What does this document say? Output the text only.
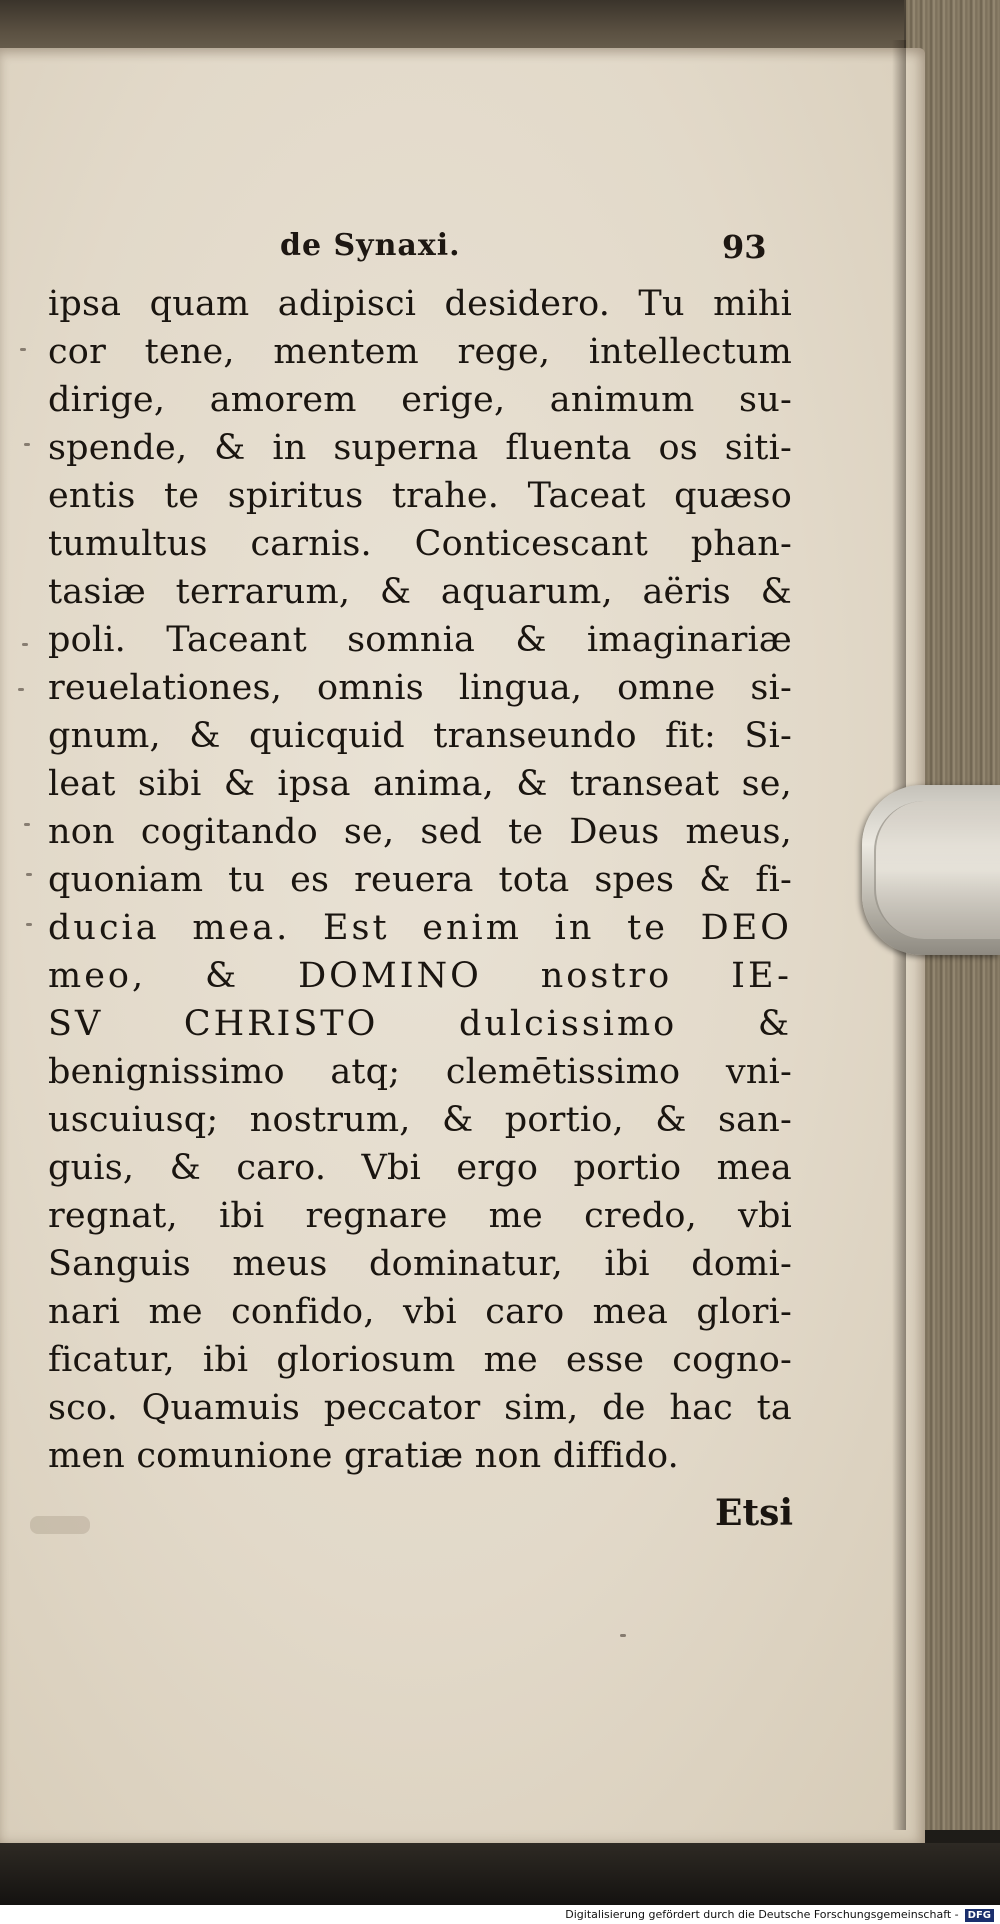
de Synaxi.	93
ipsa quam adipisci desidero. Tu mihi
cor tene, mentem rege, intellectum
dirige, amorem erige, animum su-
spende, & in superna fluenta os siti-
entis te spiritus trahe. Taceat quæso
tumultus carnis. Conticescant phan-
tasiæ terrarum, & aquarum, aëris &
poli. Taceant somnia & imaginariæ
reuelationes, omnis lingua, omne si-
gnum, & quicquid transeundo fit: Si-
leat sibi & ipsa anima, & transeat se,
non cogitando se, sed te Deus meus,
quoniam tu es reuera tota spes & fi-
ducia mea. Est enim in te DEO
meo, & DOMINO nostro IE-
SV CHRISTO dulcissimo &
benignissimo atq; clemētissimo vni-
uscuiusq; nostrum, & portio, & san-
guis, & caro. Vbi ergo portio mea
regnat, ibi regnare me credo, vbi
Sanguis meus dominatur, ibi domi-
nari me confido, vbi caro mea glori-
ficatur, ibi gloriosum me esse cogno-
sco. Quamuis peccator sim, de hac ta
men comunione gratiæ non diffido.
Etsi
Digitalisierung gefördert durch die Deutsche Forschungsgemeinschaft - DFG
